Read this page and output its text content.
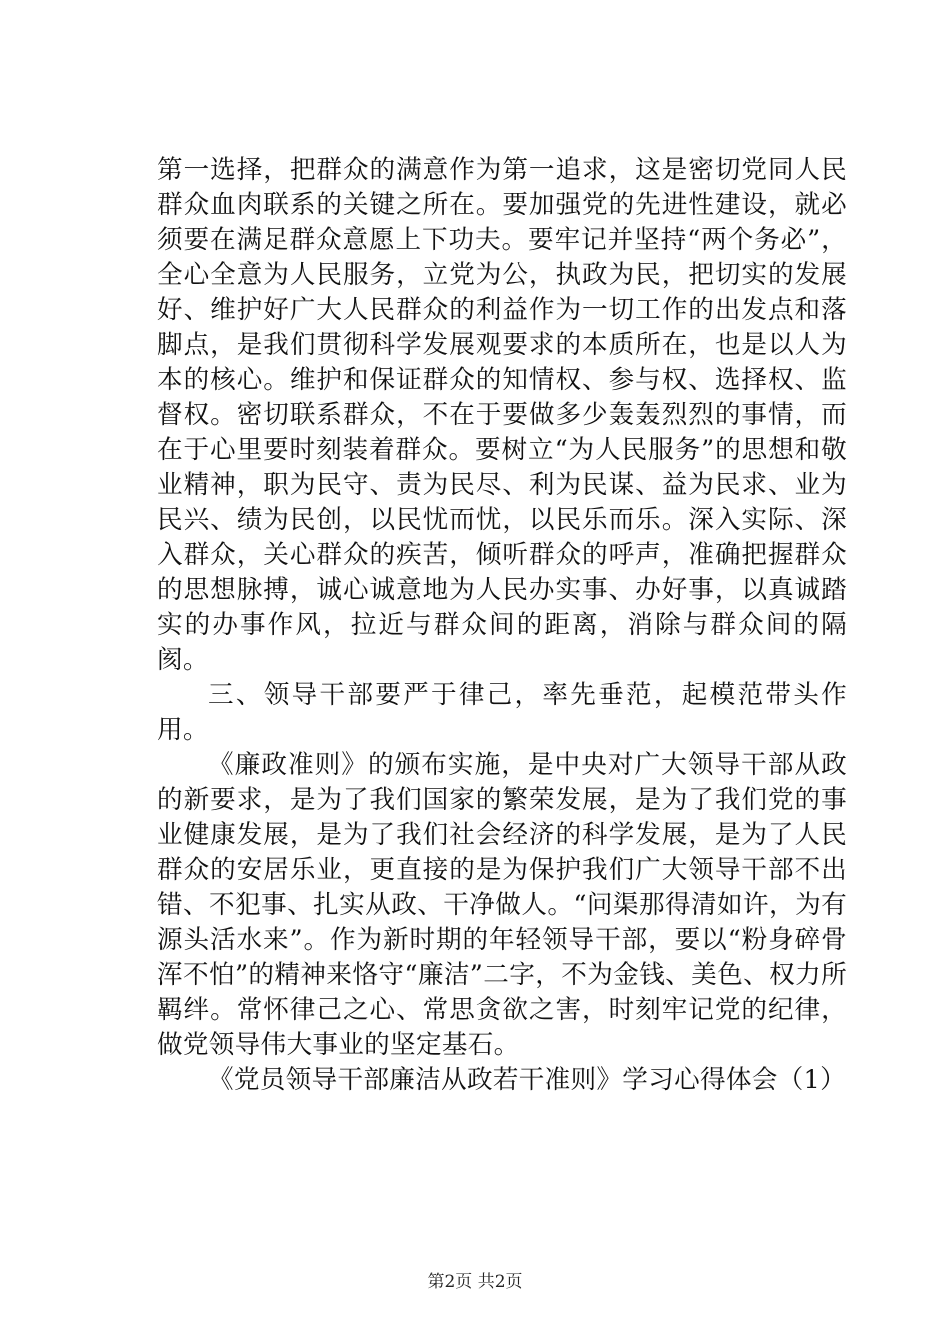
第一选择，把群众的满意作为第一追求，这是密切党同人民群众血肉联系的关键之所在。要加强党的先进性建设，就必须要在满足群众意愿上下功夫。要牢记并坚持“两个务必”，全心全意为人民服务，立党为公，执政为民，把切实的发展好、维护好广大人民群众的利益作为一切工作的出发点和落脚点，是我们贯彻科学发展观要求的本质所在，也是以人为本的核心。维护和保证群众的知情权、参与权、选择权、监督权。密切联系群众，不在于要做多少轰轰烈烈的事情，而在于心里要时刻装着群众。要树立“为人民服务”的思想和敬业精神，职为民守、责为民尽、利为民谋、益为民求、业为民兴、绩为民创，以民忧而忧，以民乐而乐。深入实际、深入群众，关心群众的疾苦，倾听群众的呼声，准确把握群众的思想脉搏，诚心诚意地为人民办实事、办好事，以真诚踏实的办事作风，拉近与群众间的距离，消除与群众间的隔阂。

三、领导干部要严于律己，率先垂范，起模范带头作用。

《廉政准则》的颁布实施，是中央对广大领导干部从政的新要求，是为了我们国家的繁荣发展，是为了我们党的事业健康发展，是为了我们社会经济的科学发展，是为了人民群众的安居乐业，更直接的是为保护我们广大领导干部不出错、不犯事、扎实从政、干净做人。“问渠那得清如许，为有源头活水来”。作为新时期的年轻领导干部，要以“粉身碎骨浑不怕”的精神来恪守“廉洁”二字，不为金钱、美色、权力所羁绊。常怀律己之心、常思贪欲之害，时刻牢记党的纪律，做党领导伟大事业的坚定基石。

《党员领导干部廉洁从政若干准则》学习心得体会（1）

第2页 共2页
